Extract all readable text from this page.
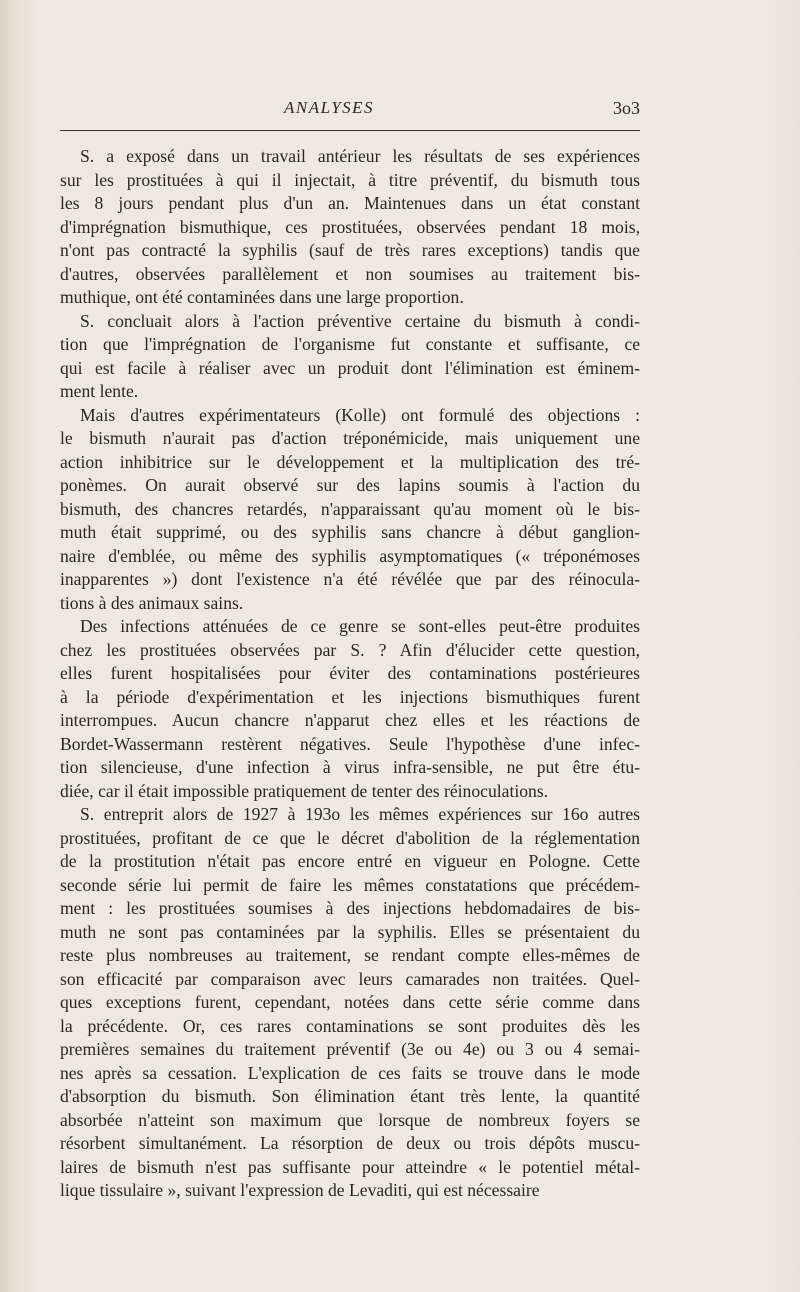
ANALYSES	3o3
S. a exposé dans un travail antérieur les résultats de ses expériences
sur les prostituées à qui il injectait, à titre préventif, du bismuth tous
les 8 jours pendant plus d'un an. Maintenues dans un état constant
d'imprégnation bismuthique, ces prostituées, observées pendant 18 mois,
n'ont pas contracté la syphilis (sauf de très rares exceptions) tandis que
d'autres, observées parallèlement et non soumises au traitement bis-
muthique, ont été contaminées dans une large proportion.
S. concluait alors à l'action préventive certaine du bismuth à condi-
tion que l'imprégnation de l'organisme fut constante et suffisante, ce
qui est facile à réaliser avec un produit dont l'élimination est éminem-
ment lente.
Mais d'autres expérimentateurs (Kolle) ont formulé des objections :
le bismuth n'aurait pas d'action tréponémicide, mais uniquement une
action inhibitrice sur le développement et la multiplication des tré-
ponèmes. On aurait observé sur des lapins soumis à l'action du
bismuth, des chancres retardés, n'apparaissant qu'au moment où le bis-
muth était supprimé, ou des syphilis sans chancre à début ganglion-
naire d'emblée, ou même des syphilis asymptomatiques (« tréponémoses
inapparentes ») dont l'existence n'a été révélée que par des réinocula-
tions à des animaux sains.
Des infections atténuées de ce genre se sont-elles peut-être produites
chez les prostituées observées par S. ? Afin d'élucider cette question,
elles furent hospitalisées pour éviter des contaminations postérieures
à la période d'expérimentation et les injections bismuthiques furent
interrompues. Aucun chancre n'apparut chez elles et les réactions de
Bordet-Wassermann restèrent négatives. Seule l'hypothèse d'une infec-
tion silencieuse, d'une infection à virus infra-sensible, ne put être étu-
diée, car il était impossible pratiquement de tenter des réinoculations.
S. entreprit alors de 1927 à 193o les mêmes expériences sur 16o autres
prostituées, profitant de ce que le décret d'abolition de la réglementation
de la prostitution n'était pas encore entré en vigueur en Pologne. Cette
seconde série lui permit de faire les mêmes constatations que précédem-
ment : les prostituées soumises à des injections hebdomadaires de bis-
muth ne sont pas contaminées par la syphilis. Elles se présentaient du
reste plus nombreuses au traitement, se rendant compte elles-mêmes de
son efficacité par comparaison avec leurs camarades non traitées. Quel-
ques exceptions furent, cependant, notées dans cette série comme dans
la précédente. Or, ces rares contaminations se sont produites dès les
premières semaines du traitement préventif (3e ou 4e) ou 3 ou 4 semai-
nes après sa cessation. L'explication de ces faits se trouve dans le mode
d'absorption du bismuth. Son élimination étant très lente, la quantité
absorbée n'atteint son maximum que lorsque de nombreux foyers se
résorbent simultanément. La résorption de deux ou trois dépôts muscu-
laires de bismuth n'est pas suffisante pour atteindre « le potentiel métal-
lique tissulaire », suivant l'expression de Levaditi, qui est nécessaire
